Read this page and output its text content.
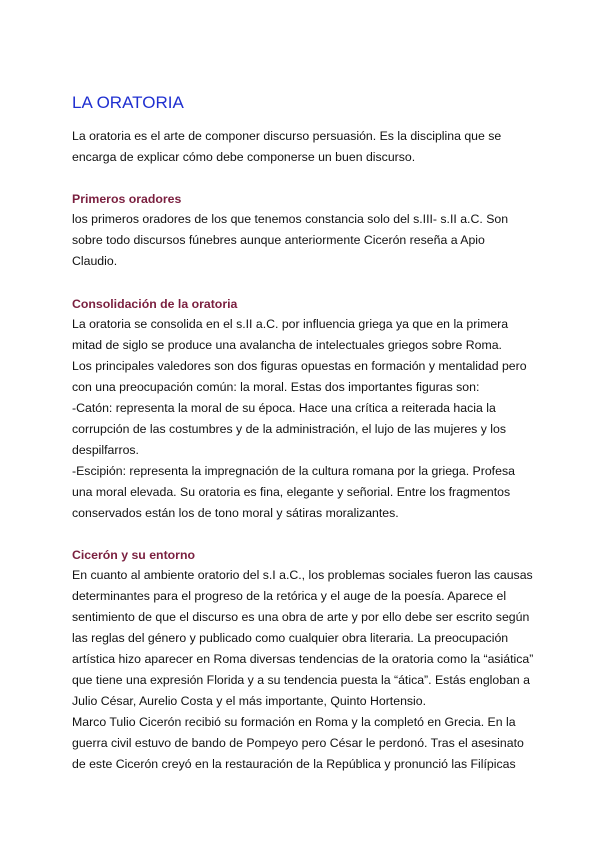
LA ORATORIA

La oratoria es el arte de componer discurso persuasión. Es la disciplina que se
encarga de explicar cómo debe componerse un buen discurso.

Primeros oradores

los primeros oradores de los que tenemos constancia solo del s.III- s.II a.C. Son
sobre todo discursos fúnebres aunque anteriormente Cicerón reseña a Apio
Claudio.

Consolidación de la oratoria

La oratoria se consolida en el s.II a.C. por influencia griega ya que en la primera
mitad de siglo se produce una avalancha de intelectuales griegos sobre Roma.
Los principales valedores son dos figuras opuestas en formación y mentalidad pero
con una preocupación común: la moral. Estas dos importantes figuras son:
-Catón: representa la moral de su época. Hace una crítica a reiterada hacia la
corrupción de las costumbres y de la administración, el lujo de las mujeres y los
despilfarros.
-Escipión: representa la impregnación de la cultura romana por la griega. Profesa
una moral elevada. Su oratoria es fina, elegante y señorial. Entre los fragmentos
conservados están los de tono moral y sátiras moralizantes.

Cicerón y su entorno

En cuanto al ambiente oratorio del s.I a.C., los problemas sociales fueron las causas
determinantes para el progreso de la retórica y el auge de la poesía. Aparece el
sentimiento de que el discurso es una obra de arte y por ello debe ser escrito según
las reglas del género y publicado como cualquier obra literaria. La preocupación
artística hizo aparecer en Roma diversas tendencias de la oratoria como la “asiática”
que tiene una expresión Florida y a su tendencia puesta la “ática”. Estás engloban a
Julio César, Aurelio Costa y el más importante, Quinto Hortensio.
Marco Tulio Cicerón recibió su formación en Roma y la completó en Grecia. En la
guerra civil estuvo de bando de Pompeyo pero César le perdonó. Tras el asesinato
de este Cicerón creyó en la restauración de la República y pronunció las Filípicas
